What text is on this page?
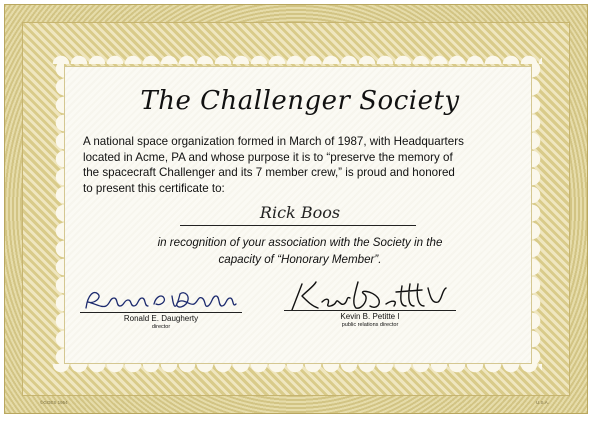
The Challenger Society
A national space organization formed in March of 1987, with Headquarters
located in Acme, PA and whose purpose it is to “preserve the memory of
the spacecraft Challenger and its 7 member crew,” is proud and honored
to present this certificate to:
Rick Boos
in recognition of your association with the Society in the
capacity of “Honorary Member”.
Ronald E. Daugherty
director
Kevin B. Petitte I
public relations director
©GOES 1954	U.S.A.
